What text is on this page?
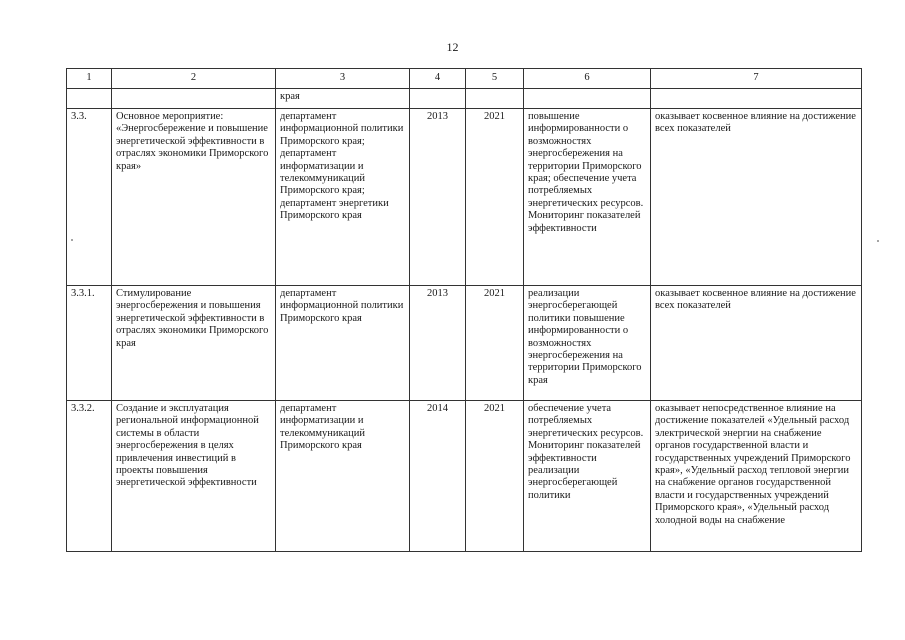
12
1	2	3	4	5	6	7
		края				
3.3.	Основное мероприятие: «Энергосбережение и повышение энергетической эффективности в отраслях экономики Приморского края»	департамент информационной политики Приморского края; департамент информатизации и телекоммуникаций Приморского края; департамент энергетики Приморского края	2013	2021	повышение информированности о возможностях энергосбережения на территории Приморского края; обеспечение учета потребляемых энергетических ресурсов. Мониторинг показателей эффективности	оказывает косвенное влияние на достижение всех показателей
3.3.1.	Стимулирование энергосбережения и повышения энергетической эффективности в отраслях экономики Приморского края	департамент информационной политики Приморского края	2013	2021	реализации энергосберегающей политики повышение информированности о возможностях энергосбережения на территории Приморского края	оказывает косвенное влияние на достижение всех показателей
3.3.2.	Создание и эксплуатация региональной информационной системы в области энергосбережения в целях привлечения инвестиций в проекты повышения энергетической эффективности	департамент информатизации и телекоммуникаций Приморского края	2014	2021	обеспечение учета потребляемых энергетических ресурсов. Мониторинг показателей эффективности реализации энергосберегающей политики	оказывает непосредственное влияние на достижение показателей «Удельный расход электрической энергии на снабжение органов государственной власти и государственных учреждений Приморского края», «Удельный расход тепловой энергии на снабжение органов государственной власти и государственных учреждений Приморского края», «Удельный расход холодной воды на снабжение
